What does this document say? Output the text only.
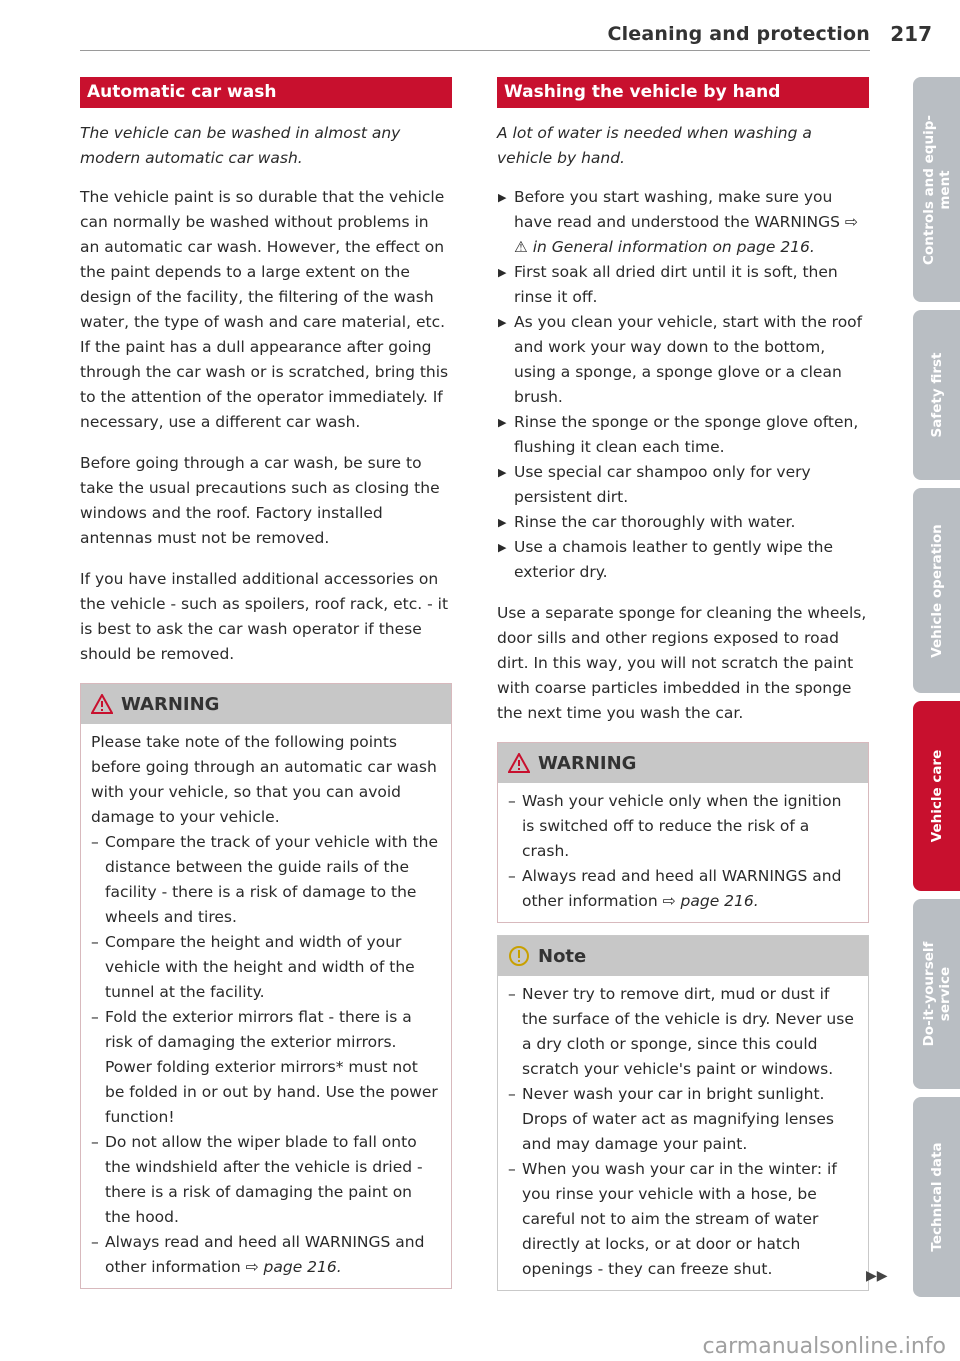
Cleaning and protection 217
Automatic car wash

The vehicle can be washed in almost any modern automatic car wash.

The vehicle paint is so durable that the vehicle can normally be washed without problems in an automatic car wash. However, the effect on the paint depends to a large extent on the design of the facility, the filtering of the wash water, the type of wash and care material, etc. If the paint has a dull appearance after going through the car wash or is scratched, bring this to the attention of the operator immediately. If necessary, use a different car wash.

Before going through a car wash, be sure to take the usual precautions such as closing the windows and the roof. Factory installed antennas must not be removed.

If you have installed additional accessories on the vehicle - such as spoilers, roof rack, etc. - it is best to ask the car wash operator if these should be removed.

WARNING

Please take note of the following points before going through an automatic car wash with your vehicle, so that you can avoid damage to your vehicle.

– Compare the track of your vehicle with the distance between the guide rails of the facility - there is a risk of damage to the wheels and tires.
– Compare the height and width of your vehicle with the height and width of the tunnel at the facility.
– Fold the exterior mirrors flat - there is a risk of damaging the exterior mirrors. Power folding exterior mirrors* must not be folded in or out by hand. Use the power function!
– Do not allow the wiper blade to fall onto the windshield after the vehicle is dried - there is a risk of damaging the paint on the hood.
– Always read and heed all WARNINGS and other information ⇨ page 216.
Washing the vehicle by hand

A lot of water is needed when washing a vehicle by hand.

▶ Before you start washing, make sure you have read and understood the WARNINGS ⇨ ⚠ in General information on page 216.
▶ First soak all dried dirt until it is soft, then rinse it off.
▶ As you clean your vehicle, start with the roof and work your way down to the bottom, using a sponge, a sponge glove or a clean brush.
▶ Rinse the sponge or the sponge glove often, flushing it clean each time.
▶ Use special car shampoo only for very persistent dirt.
▶ Rinse the car thoroughly with water.
▶ Use a chamois leather to gently wipe the exterior dry.

Use a separate sponge for cleaning the wheels, door sills and other regions exposed to road dirt. In this way, you will not scratch the paint with coarse particles imbedded in the sponge the next time you wash the car.

WARNING
– Wash your vehicle only when the ignition is switched off to reduce the risk of a crash.
– Always read and heed all WARNINGS and other information ⇨ page 216.
Note
– Never try to remove dirt, mud or dust if the surface of the vehicle is dry. Never use a dry cloth or sponge, since this could scratch your vehicle's paint or windows.
– Never wash your car in bright sunlight. Drops of water act as magnifying lenses and may damage your paint.
– When you wash your car in the winter: if you rinse your vehicle with a hose, be careful not to aim the stream of water directly at locks, or at door or hatch openings - they can freeze shut.	▶▶
Controls and equip-
ment
Safety first
Vehicle operation
Vehicle care
Do-it-yourself
service
Technical data
carmanualsonline.info
